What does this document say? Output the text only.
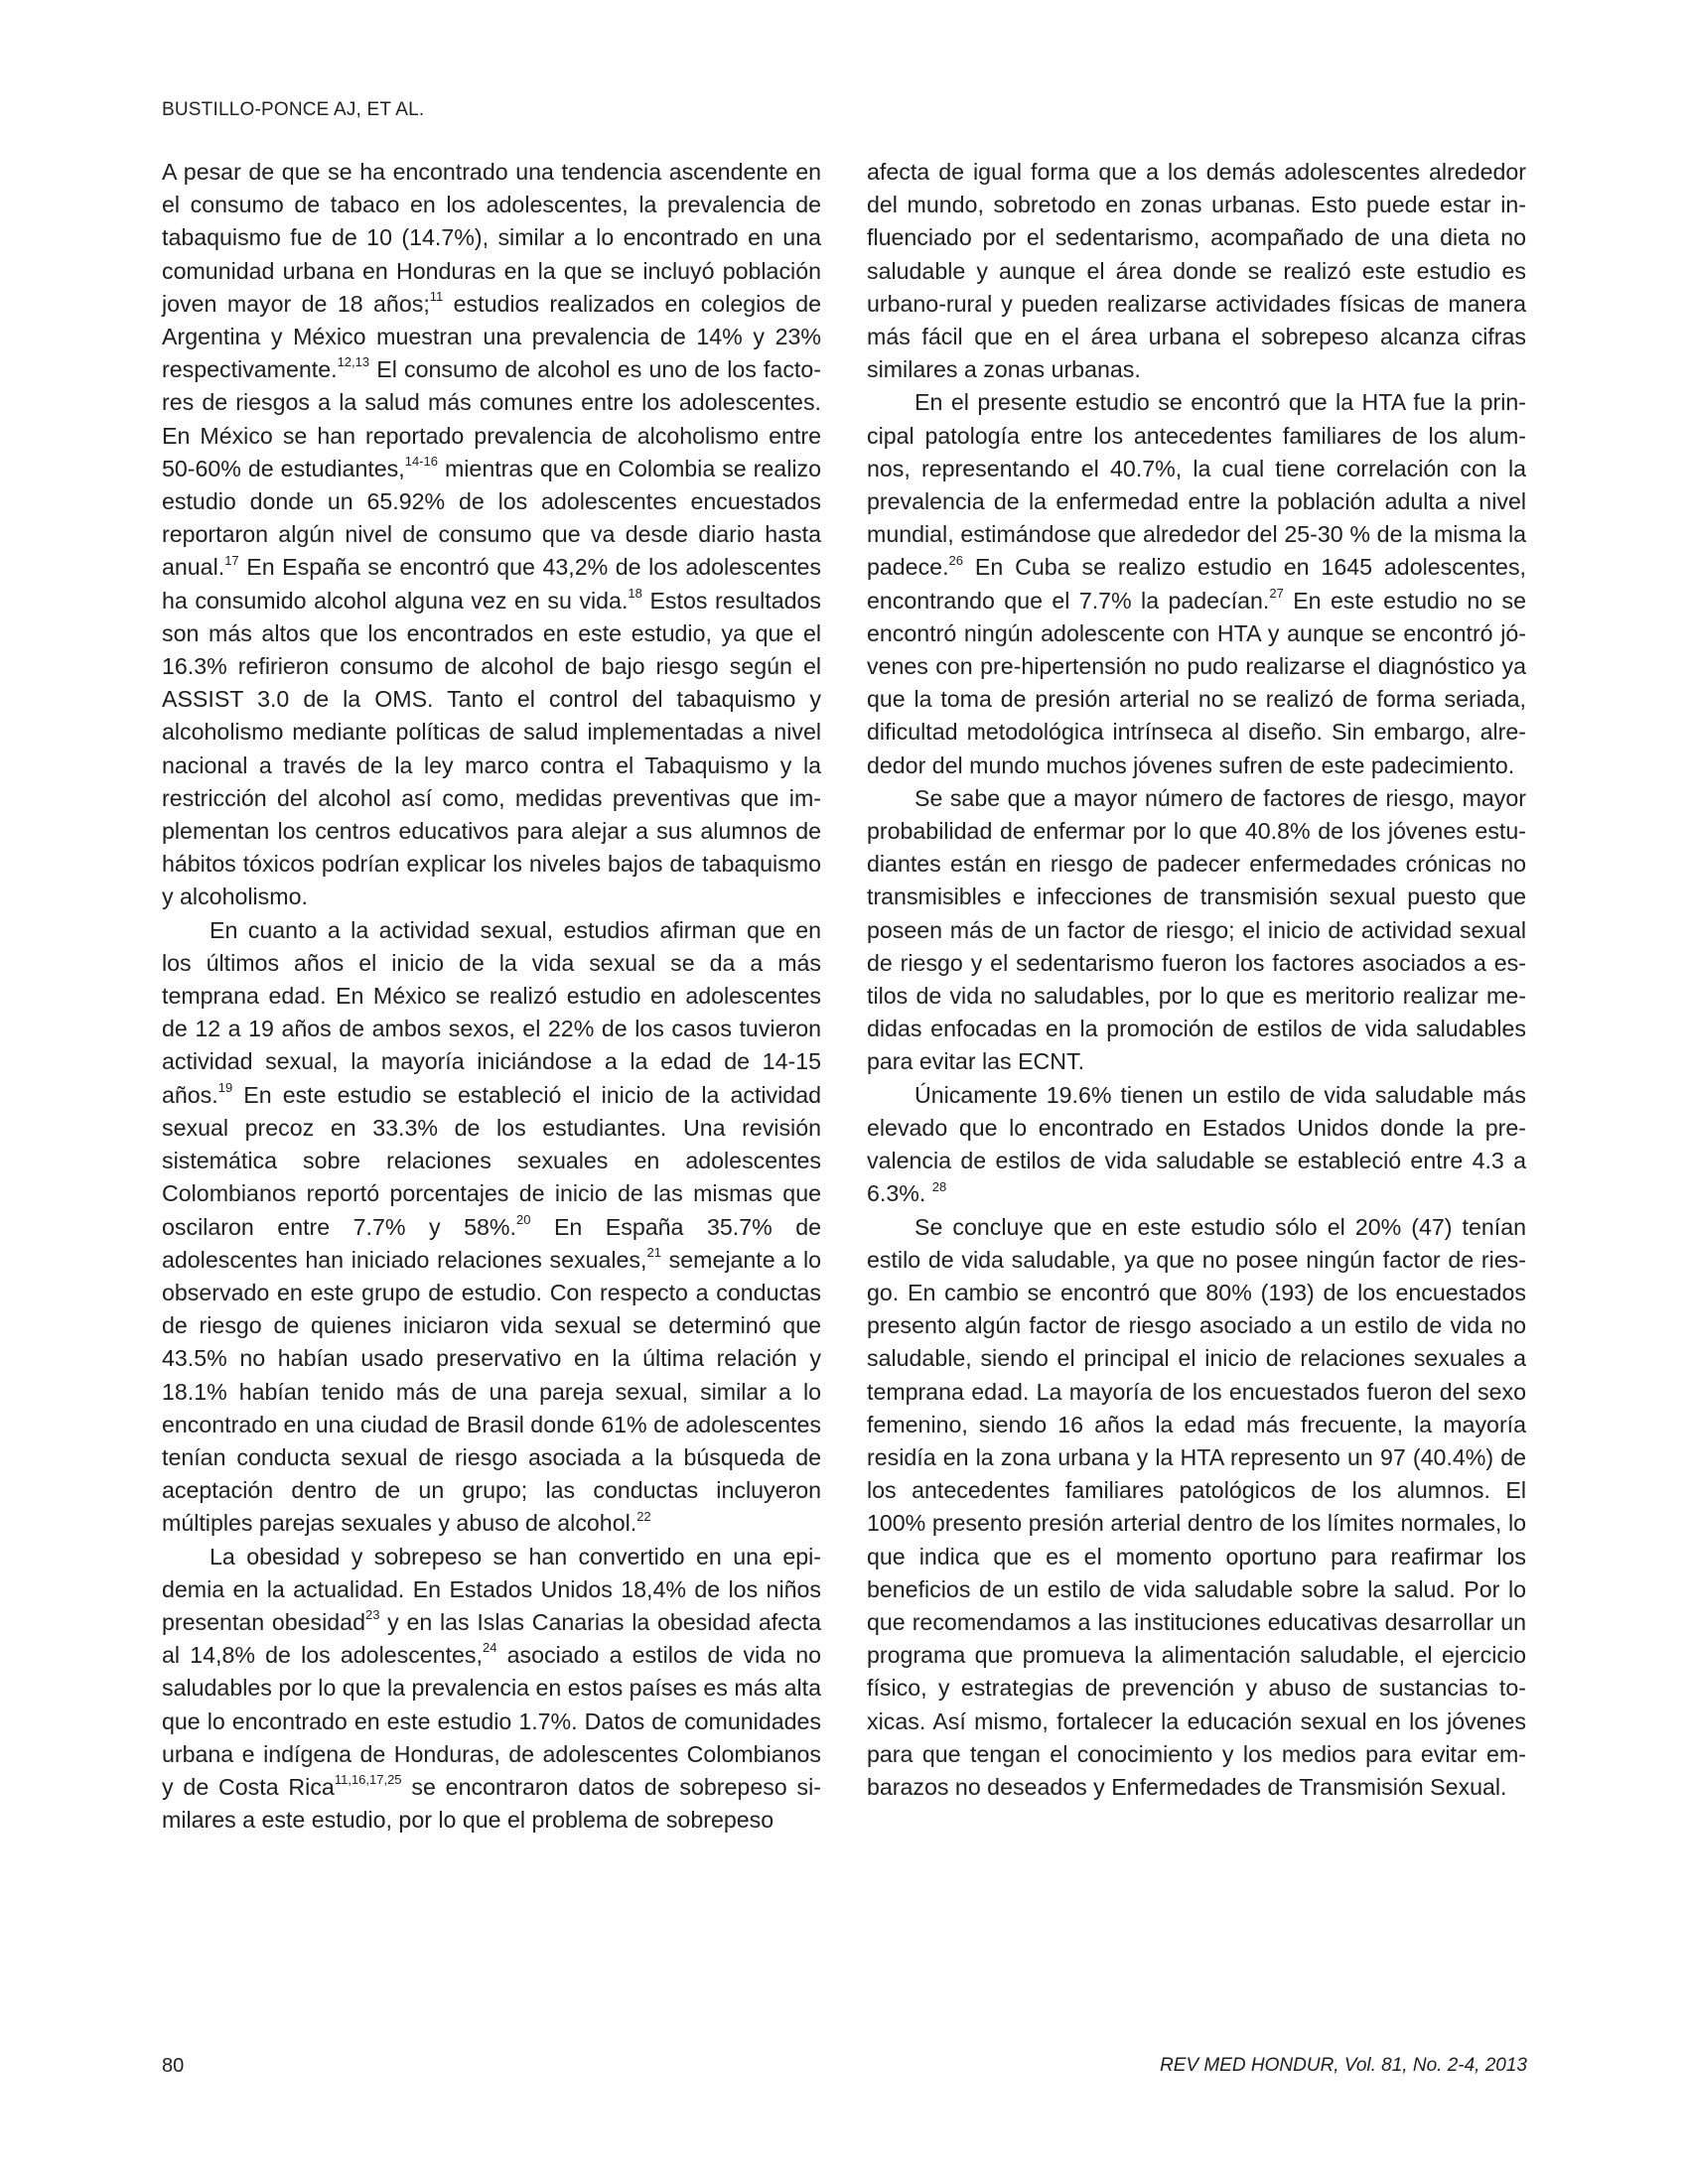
BUSTILLO-PONCE AJ, ET AL.

A pesar de que se ha encontrado una tendencia ascendente en el consumo de tabaco en los adolescentes, la prevalencia de tabaquismo fue de 10 (14.7%), similar a lo encontrado en una comunidad urbana en Honduras en la que se incluyó población joven mayor de 18 años;$^{11}$ estudios realizados en colegios de Argentina y México muestran una prevalencia de 14% y 23% respectivamente.$^{12,13}$ El consumo de alcohol es uno de los factores de riesgos a la salud más comunes entre los adolescentes. En México se han reportado prevalencia de alcoholismo entre 50-60% de estudiantes,$^{14-16}$ mientras que en Colombia se realizo estudio donde un 65.92% de los adolescentes encuestados reportaron algún nivel de consumo que va desde diario hasta anual.$^{17}$ En España se encontró que 43,2% de los adolescentes ha consumido alcohol alguna vez en su vida.$^{18}$ Estos resultados son más altos que los encontrados en este estudio, ya que el 16.3% refirieron consumo de alcohol de bajo riesgo según el ASSIST 3.0 de la OMS. Tanto el control del tabaquismo y alcoholismo mediante políticas de salud implementadas a nivel nacional a través de la ley marco contra el Tabaquismo y la restricción del alcohol así como, medidas preventivas que implementan los centros educativos para alejar a sus alumnos de hábitos tóxicos podrían explicar los niveles bajos de tabaquismo y alcoholismo.

En cuanto a la actividad sexual, estudios afirman que en los últimos años el inicio de la vida sexual se da a más temprana edad. En México se realizó estudio en adolescentes de 12 a 19 años de ambos sexos, el 22% de los casos tuvieron actividad sexual, la mayoría iniciándose a la edad de 14-15 años.$^{19}$ En este estudio se estableció el inicio de la actividad sexual precoz en 33.3% de los estudiantes. Una revisión sistemática sobre relaciones sexuales en adolescentes Colombianos reportó porcentajes de inicio de las mismas que oscilaron entre 7.7% y 58%.$^{20}$ En España 35.7% de adolescentes han iniciado relaciones sexuales,$^{21}$ semejante a lo observado en este grupo de estudio. Con respecto a conductas de riesgo de quienes iniciaron vida sexual se determinó que 43.5% no habían usado preservativo en la última relación y 18.1% habían tenido más de una pareja sexual, similar a lo encontrado en una ciudad de Brasil donde 61% de adolescentes tenían conducta sexual de riesgo asociada a la búsqueda de aceptación dentro de un grupo; las conductas incluyeron múltiples parejas sexuales y abuso de alcohol.$^{22}$

La obesidad y sobrepeso se han convertido en una epidemia en la actualidad. En Estados Unidos 18,4% de los niños presentan obesidad$^{23}$ y en las Islas Canarias la obesidad afecta al 14,8% de los adolescentes,$^{24}$ asociado a estilos de vida no saludables por lo que la prevalencia en estos países es más alta que lo encontrado en este estudio 1.7%. Datos de comunidades urbana e indígena de Honduras, de adolescentes Colombianos y de Costa Rica$^{11,16,17,25}$ se encontraron datos de sobrepeso similares a este estudio, por lo que el problema de sobrepeso

afecta de igual forma que a los demás adolescentes alrededor del mundo, sobretodo en zonas urbanas. Esto puede estar influenciado por el sedentarismo, acompañado de una dieta no saludable y aunque el área donde se realizó este estudio es urbano-rural y pueden realizarse actividades físicas de manera más fácil que en el área urbana el sobrepeso alcanza cifras similares a zonas urbanas.

En el presente estudio se encontró que la HTA fue la principal patología entre los antecedentes familiares de los alumnos, representando el 40.7%, la cual tiene correlación con la prevalencia de la enfermedad entre la población adulta a nivel mundial, estimándose que alrededor del 25-30 % de la misma la padece.$^{26}$ En Cuba se realizo estudio en 1645 adolescentes, encontrando que el 7.7% la padecían.$^{27}$ En este estudio no se encontró ningún adolescente con HTA y aunque se encontró jóvenes con pre-hipertensión no pudo realizarse el diagnóstico ya que la toma de presión arterial no se realizó de forma seriada, dificultad metodológica intrínseca al diseño. Sin embargo, alrededor del mundo muchos jóvenes sufren de este padecimiento.

Se sabe que a mayor número de factores de riesgo, mayor probabilidad de enfermar por lo que 40.8% de los jóvenes estudiantes están en riesgo de padecer enfermedades crónicas no transmisibles e infecciones de transmisión sexual puesto que poseen más de un factor de riesgo; el inicio de actividad sexual de riesgo y el sedentarismo fueron los factores asociados a estilos de vida no saludables, por lo que es meritorio realizar medidas enfocadas en la promoción de estilos de vida saludables para evitar las ECNT.

Únicamente 19.6% tienen un estilo de vida saludable más elevado que lo encontrado en Estados Unidos donde la prevalencia de estilos de vida saludable se estableció entre 4.3 a 6.3%. $^{28}$

Se concluye que en este estudio sólo el 20% (47) tenían estilo de vida saludable, ya que no posee ningún factor de riesgo. En cambio se encontró que 80% (193) de los encuestados presento algún factor de riesgo asociado a un estilo de vida no saludable, siendo el principal el inicio de relaciones sexuales a temprana edad. La mayoría de los encuestados fueron del sexo femenino, siendo 16 años la edad más frecuente, la mayoría residía en la zona urbana y la HTA represento un 97 (40.4%) de los antecedentes familiares patológicos de los alumnos. El 100% presento presión arterial dentro de los límites normales, lo que indica que es el momento oportuno para reafirmar los beneficios de un estilo de vida saludable sobre la salud. Por lo que recomendamos a las instituciones educativas desarrollar un programa que promueva la alimentación saludable, el ejercicio físico, y estrategias de prevención y abuso de sustancias toxicas. Así mismo, fortalecer la educación sexual en los jóvenes para que tengan el conocimiento y los medios para evitar embarazos no deseados y Enfermedades de Transmisión Sexual.

80	REV MED HONDUR, Vol. 81, No. 2-4, 2013
